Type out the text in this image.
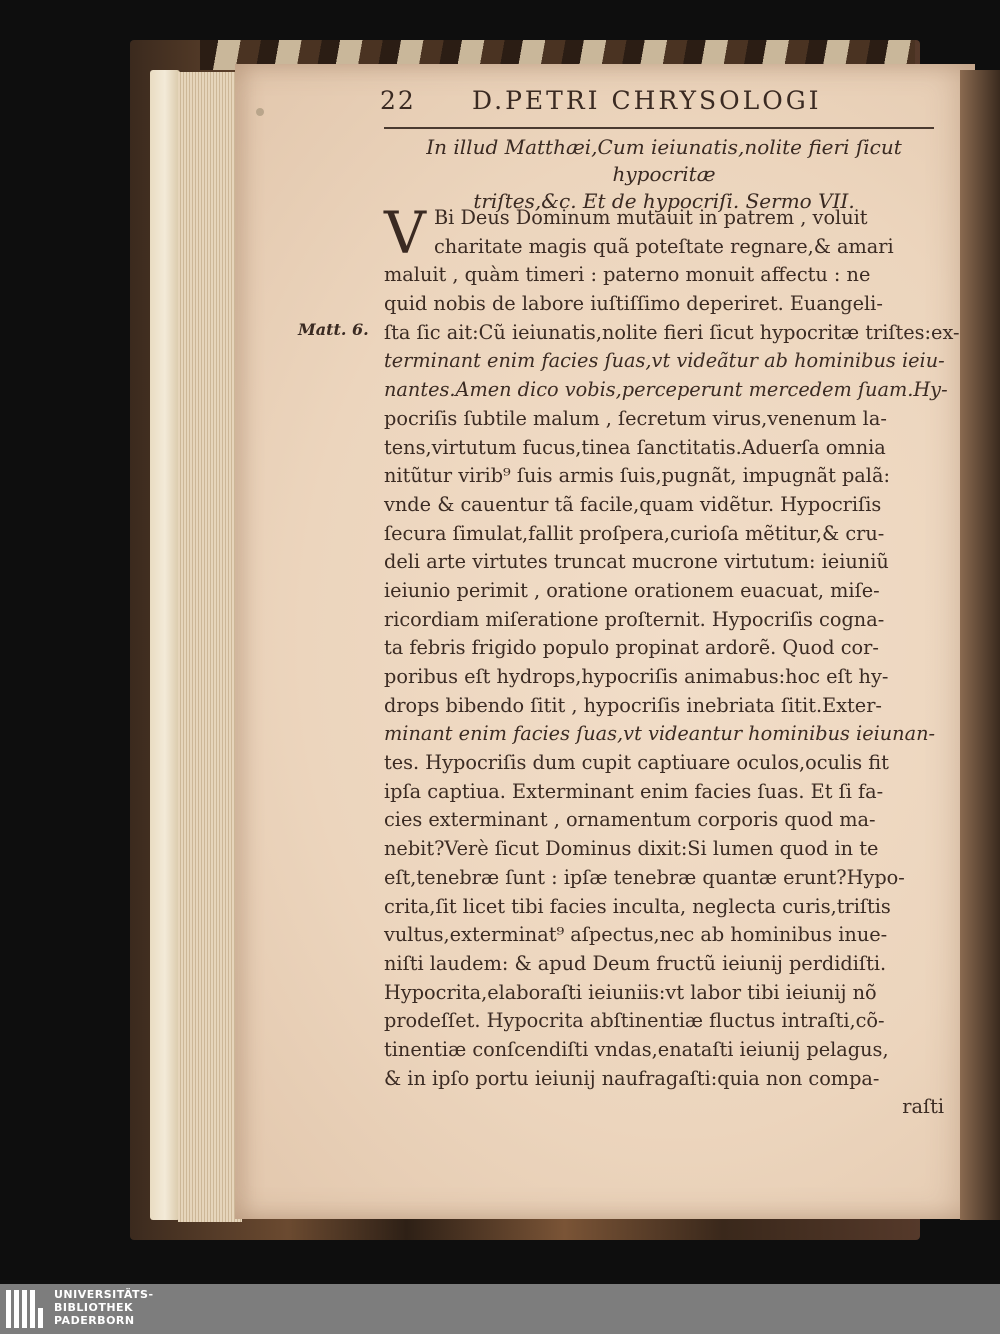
22 D.PETRI CHRYSOLOGI
In illud Matthæi,Cum ieiunatis,nolite fieri ſicut hypocritæ
triſtes,&c. Et de hypocriſi. Sermo VII.
Matt. 6.
V Bi Deus Dominum mutauit in patrem , voluit
charitate magis quã poteſtate regnare,& amari
maluit , quàm timeri : paterno monuit affectu : ne
quid nobis de labore iuſtiſſimo deperiret. Euangeli-
ſta ſic ait:Cũ ieiunatis,nolite fieri ſicut hypocritæ triſtes:ex-
terminant enim facies ſuas,vt videãtur ab hominibus ieiu-
nantes.Amen dico vobis,perceperunt mercedem ſuam.Hy-
pocriſis ſubtile malum , ſecretum virus,venenum la-
tens,virtutum fucus,tinea ſanctitatis.Aduerſa omnia
nitũtur virib⁹ ſuis armis ſuis,pugnãt, impugnãt palã:
vnde & cauentur tã facile,quam vidẽtur. Hypocriſis
ſecura ſimulat,fallit proſpera,curioſa mẽtitur,& cru-
deli arte virtutes truncat mucrone virtutum: ieiuniũ
ieiunio perimit , oratione orationem euacuat, miſe-
ricordiam miſeratione proſternit. Hypocriſis cogna-
ta febris frigido populo propinat ardorẽ. Quod cor-
poribus eſt hydrops,hypocriſis animabus:hoc eſt hy-
drops bibendo ſitit , hypocriſis inebriata ſitit.Exter-
minant enim facies ſuas,vt videantur hominibus ieiunan-
tes. Hypocriſis dum cupit captiuare oculos,oculis fit
ipſa captiua. Exterminant enim facies ſuas. Et ſi fa-
cies exterminant , ornamentum corporis quod ma-
nebit?Verè ſicut Dominus dixit:Si lumen quod in te
eſt,tenebræ ſunt : ipſæ tenebræ quantæ erunt?Hypo-
crita,ſit licet tibi facies inculta, neglecta curis,triſtis
vultus,exterminat⁹ aſpectus,nec ab hominibus inue-
niſti laudem: & apud Deum fructũ ieiunij perdidiſti.
Hypocrita,elaboraſti ieiuniis:vt labor tibi ieiunij nõ
prodeſſet. Hypocrita abſtinentiæ fluctus intraſti,cõ-
tinentiæ conſcendiſti vndas,enataſti ieiunij pelagus,
& in ipſo portu ieiunij naufragaſti:quia non compa-
raſti
UNIVERSITÄTS-
BIBLIOTHEK
PADERBORN
